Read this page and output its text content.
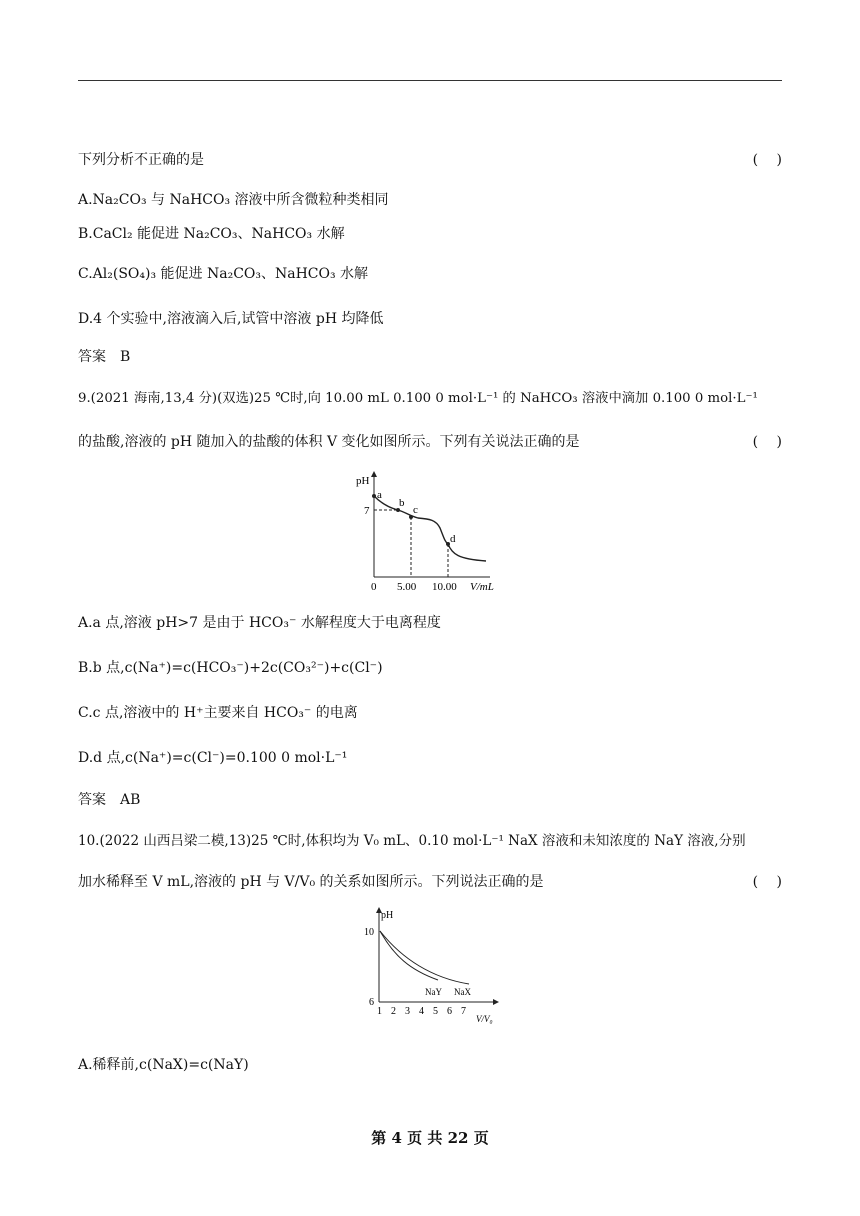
下列分析不正确的是	(　 )
A.Na₂CO₃ 与 NaHCO₃ 溶液中所含微粒种类相同
B.CaCl₂ 能促进 Na₂CO₃、NaHCO₃ 水解
C.Al₂(SO₄)₃ 能促进 Na₂CO₃、NaHCO₃ 水解
D.4 个实验中,溶液滴入后,试管中溶液 pH 均降低
答案　B
9.(2021 海南,13,4 分)(双选)25 ℃时,向 10.00 mL 0.100 0 mol·L⁻¹ 的 NaHCO₃ 溶液中滴加 0.100 0 mol·L⁻¹
的盐酸,溶液的 pH 随加入的盐酸的体积 V 变化如图所示。下列有关说法正确的是	(　 )
pH
7
a
b
c
d
0 5.00 10.00 V/mL
A.a 点,溶液 pH>7 是由于 HCO₃⁻ 水解程度大于电离程度
B.b 点,c(Na⁺)=c(HCO₃⁻)+2c(CO₃²⁻)+c(Cl⁻)
C.c 点,溶液中的 H⁺主要来自 HCO₃⁻ 的电离
D.d 点,c(Na⁺)=c(Cl⁻)=0.100 0 mol·L⁻¹
答案　AB
10.(2022 山西吕梁二模,13)25 ℃时,体积均为 V₀ mL、0.10 mol·L⁻¹ NaX 溶液和未知浓度的 NaY 溶液,分别
加水稀释至 V mL,溶液的 pH 与 V/V₀ 的关系如图所示。下列说法正确的是	(　 )
pH
10
6
NaY NaX
1 2 3 4 5 6 7
V/V₀
A.稀释前,c(NaX)=c(NaY)
第 4 页 共 22 页
